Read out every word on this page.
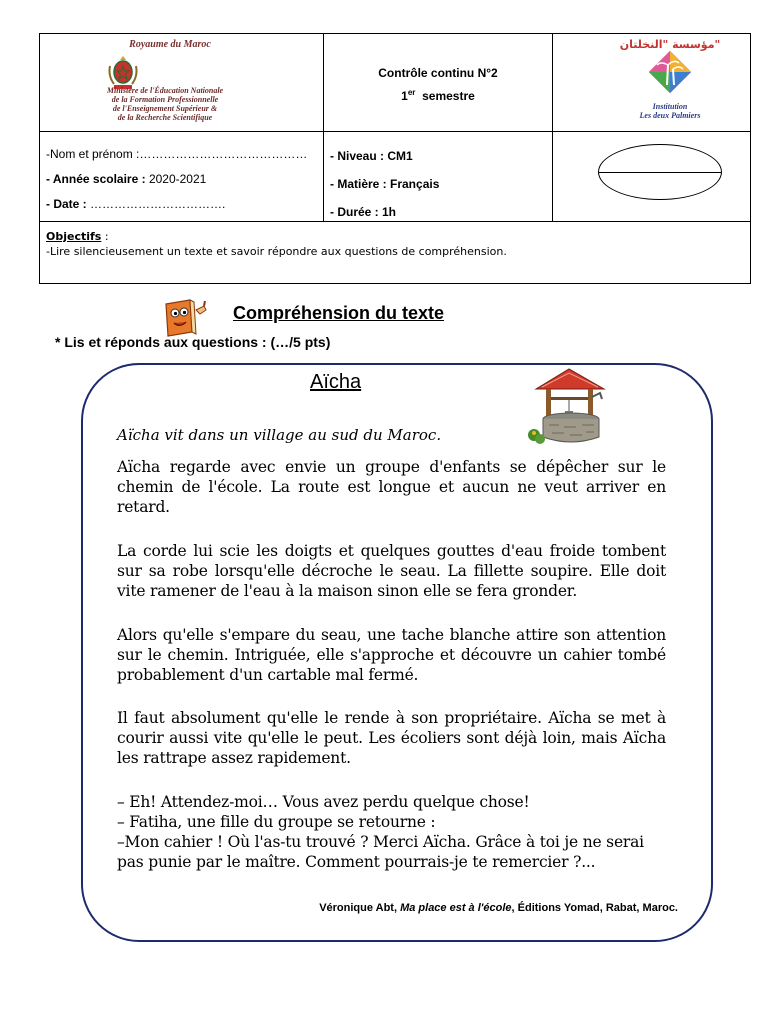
Royaume du Maroc
Ministère de l'Éducation Nationale
de la Formation Professionnelle
de l'Enseignement Supérieur &
de la Recherche Scientifique
Contrôle continu N°2
1er semestre
مؤسسة "النخلتان"
Institution
Les deux Palmiers
-Nom et prénom :……………………………………
- Année scolaire : 2020-2021
- Date : …………………………….
- Niveau : CM1
- Matière : Français
- Durée : 1h
Objectifs :
-Lire silencieusement un texte et savoir répondre aux questions de compréhension.
Compréhension du texte
* Lis et réponds aux questions : (…/5 pts)
Aïcha
Aïcha vit dans un village au sud du Maroc.
Aïcha regarde avec envie un groupe d'enfants se dépêcher sur le chemin de l'école. La route est longue et aucun ne veut arriver en retard.
La corde lui scie les doigts et quelques gouttes d'eau froide tombent sur sa robe lorsqu'elle décroche le seau. La fillette soupire. Elle doit vite ramener de l'eau à la maison sinon elle se fera gronder.
Alors qu'elle s'empare du seau, une tache blanche attire son attention sur le chemin. Intriguée, elle s'approche et découvre un cahier tombé probablement d'un cartable mal fermé.
Il faut absolument qu'elle le rende à son propriétaire. Aïcha se met à courir aussi vite qu'elle le peut. Les écoliers sont déjà loin, mais Aïcha les rattrape assez rapidement.
– Eh! Attendez-moi… Vous avez perdu quelque chose!
– Fatiha, une fille du groupe se retourne :
–Mon cahier ! Où l'as-tu trouvé ? Merci Aïcha. Grâce à toi je ne serai pas punie par le maître. Comment pourrais-je te remercier ?...
Véronique Abt, Ma place est à l'école, Éditions Yomad, Rabat, Maroc.
